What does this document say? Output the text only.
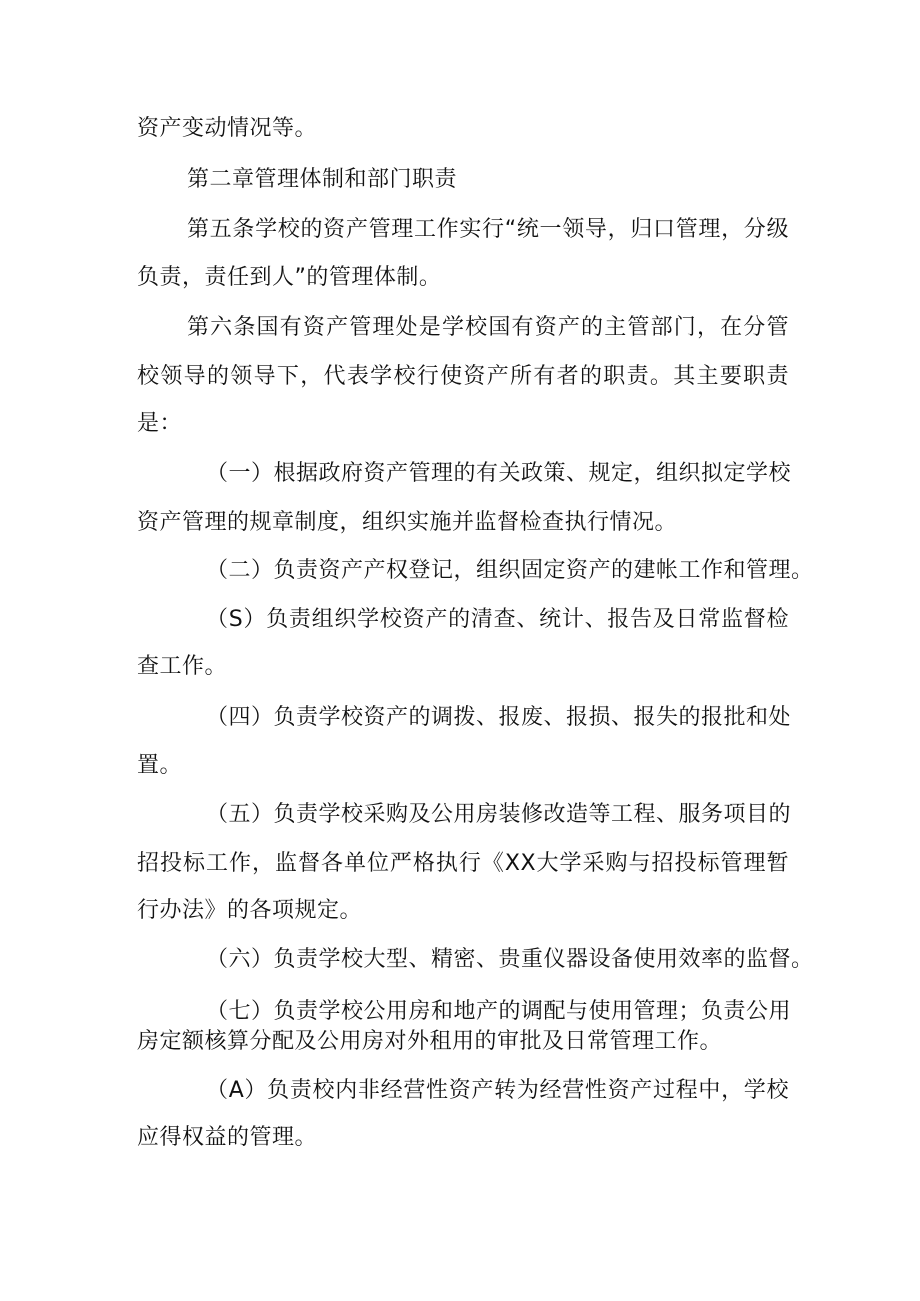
资产变动情况等。
第二章管理体制和部门职责
第五条学校的资产管理工作实行“统一领导，归口管理，分级
负责，责任到人”的管理体制。
第六条国有资产管理处是学校国有资产的主管部门，在分管
校领导的领导下，代表学校行使资产所有者的职责。其主要职责
是：
（一）根据政府资产管理的有关政策、规定，组织拟定学校
资产管理的规章制度，组织实施并监督检查执行情况。
（二）负责资产产权登记，组织固定资产的建帐工作和管理。
（S）负责组织学校资产的清查、统计、报告及日常监督检
查工作。
（四）负责学校资产的调拨、报废、报损、报失的报批和处
置。
（五）负责学校采购及公用房装修改造等工程、服务项目的
招投标工作，监督各单位严格执行《XX大学采购与招投标管理暂
行办法》的各项规定。
（六）负责学校大型、精密、贵重仪器设备使用效率的监督。
（七）负责学校公用房和地产的调配与使用管理；负责公用
房定额核算分配及公用房对外租用的审批及日常管理工作。
（A）负责校内非经营性资产转为经营性资产过程中，学校
应得权益的管理。
